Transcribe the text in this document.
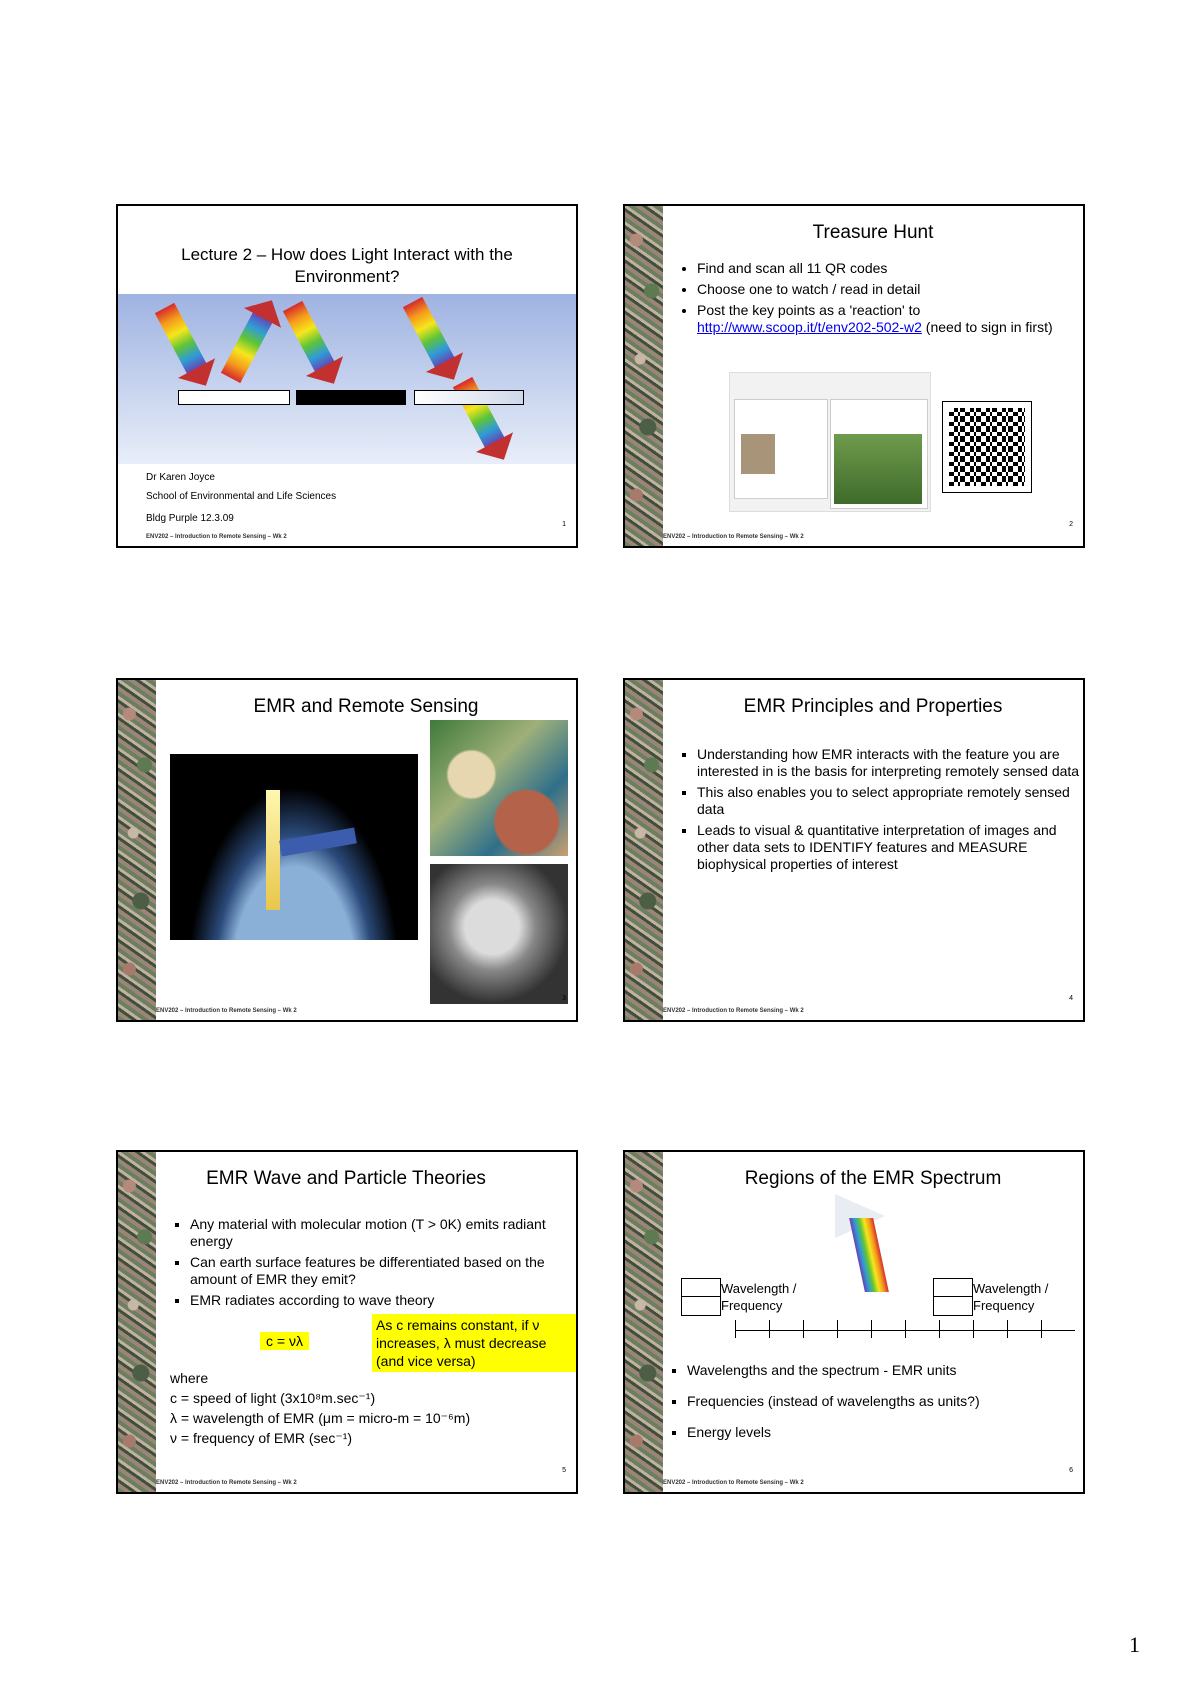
Lecture 2 – How does Light Interact with the Environment?
Dr Karen Joyce
School of Environmental and Life Sciences
Bldg Purple 12.3.09
1
ENV202 – Introduction to Remote Sensing – Wk 2
Treasure Hunt
• Find and scan all 11 QR codes
• Choose one to watch / read in detail
• Post the key points as a 'reaction' to http://www.scoop.it/t/env202-502-w2 (need to sign in first)
2
ENV202 – Introduction to Remote Sensing – Wk 2
EMR and Remote Sensing
3
ENV202 – Introduction to Remote Sensing – Wk 2
EMR Principles and Properties
▪ Understanding how EMR interacts with the feature you are interested in is the basis for interpreting remotely sensed data
▪ This also enables you to select appropriate remotely sensed data
▪ Leads to visual & quantitative interpretation of images and other data sets to IDENTIFY features and MEASURE biophysical properties of interest
4
ENV202 – Introduction to Remote Sensing – Wk 2
EMR Wave and Particle Theories
▪ Any material with molecular motion (T > 0K) emits radiant energy
▪ Can earth surface features be differentiated based on the amount of EMR they emit?
▪ EMR radiates according to wave theory
c = νλ
As c remains constant, if ν increases, λ must decrease (and vice versa)
where
c = speed of light (3x10⁸m.sec⁻¹)
λ = wavelength of EMR (μm = micro-m = 10⁻⁶m)
ν = frequency of EMR (sec⁻¹)
5
ENV202 – Introduction to Remote Sensing – Wk 2
Regions of the EMR Spectrum
Wavelength / Frequency
Wavelength / Frequency
▪ Wavelengths and the spectrum - EMR units
▪ Frequencies (instead of wavelengths as units?)
▪ Energy levels
6
ENV202 – Introduction to Remote Sensing – Wk 2
1
